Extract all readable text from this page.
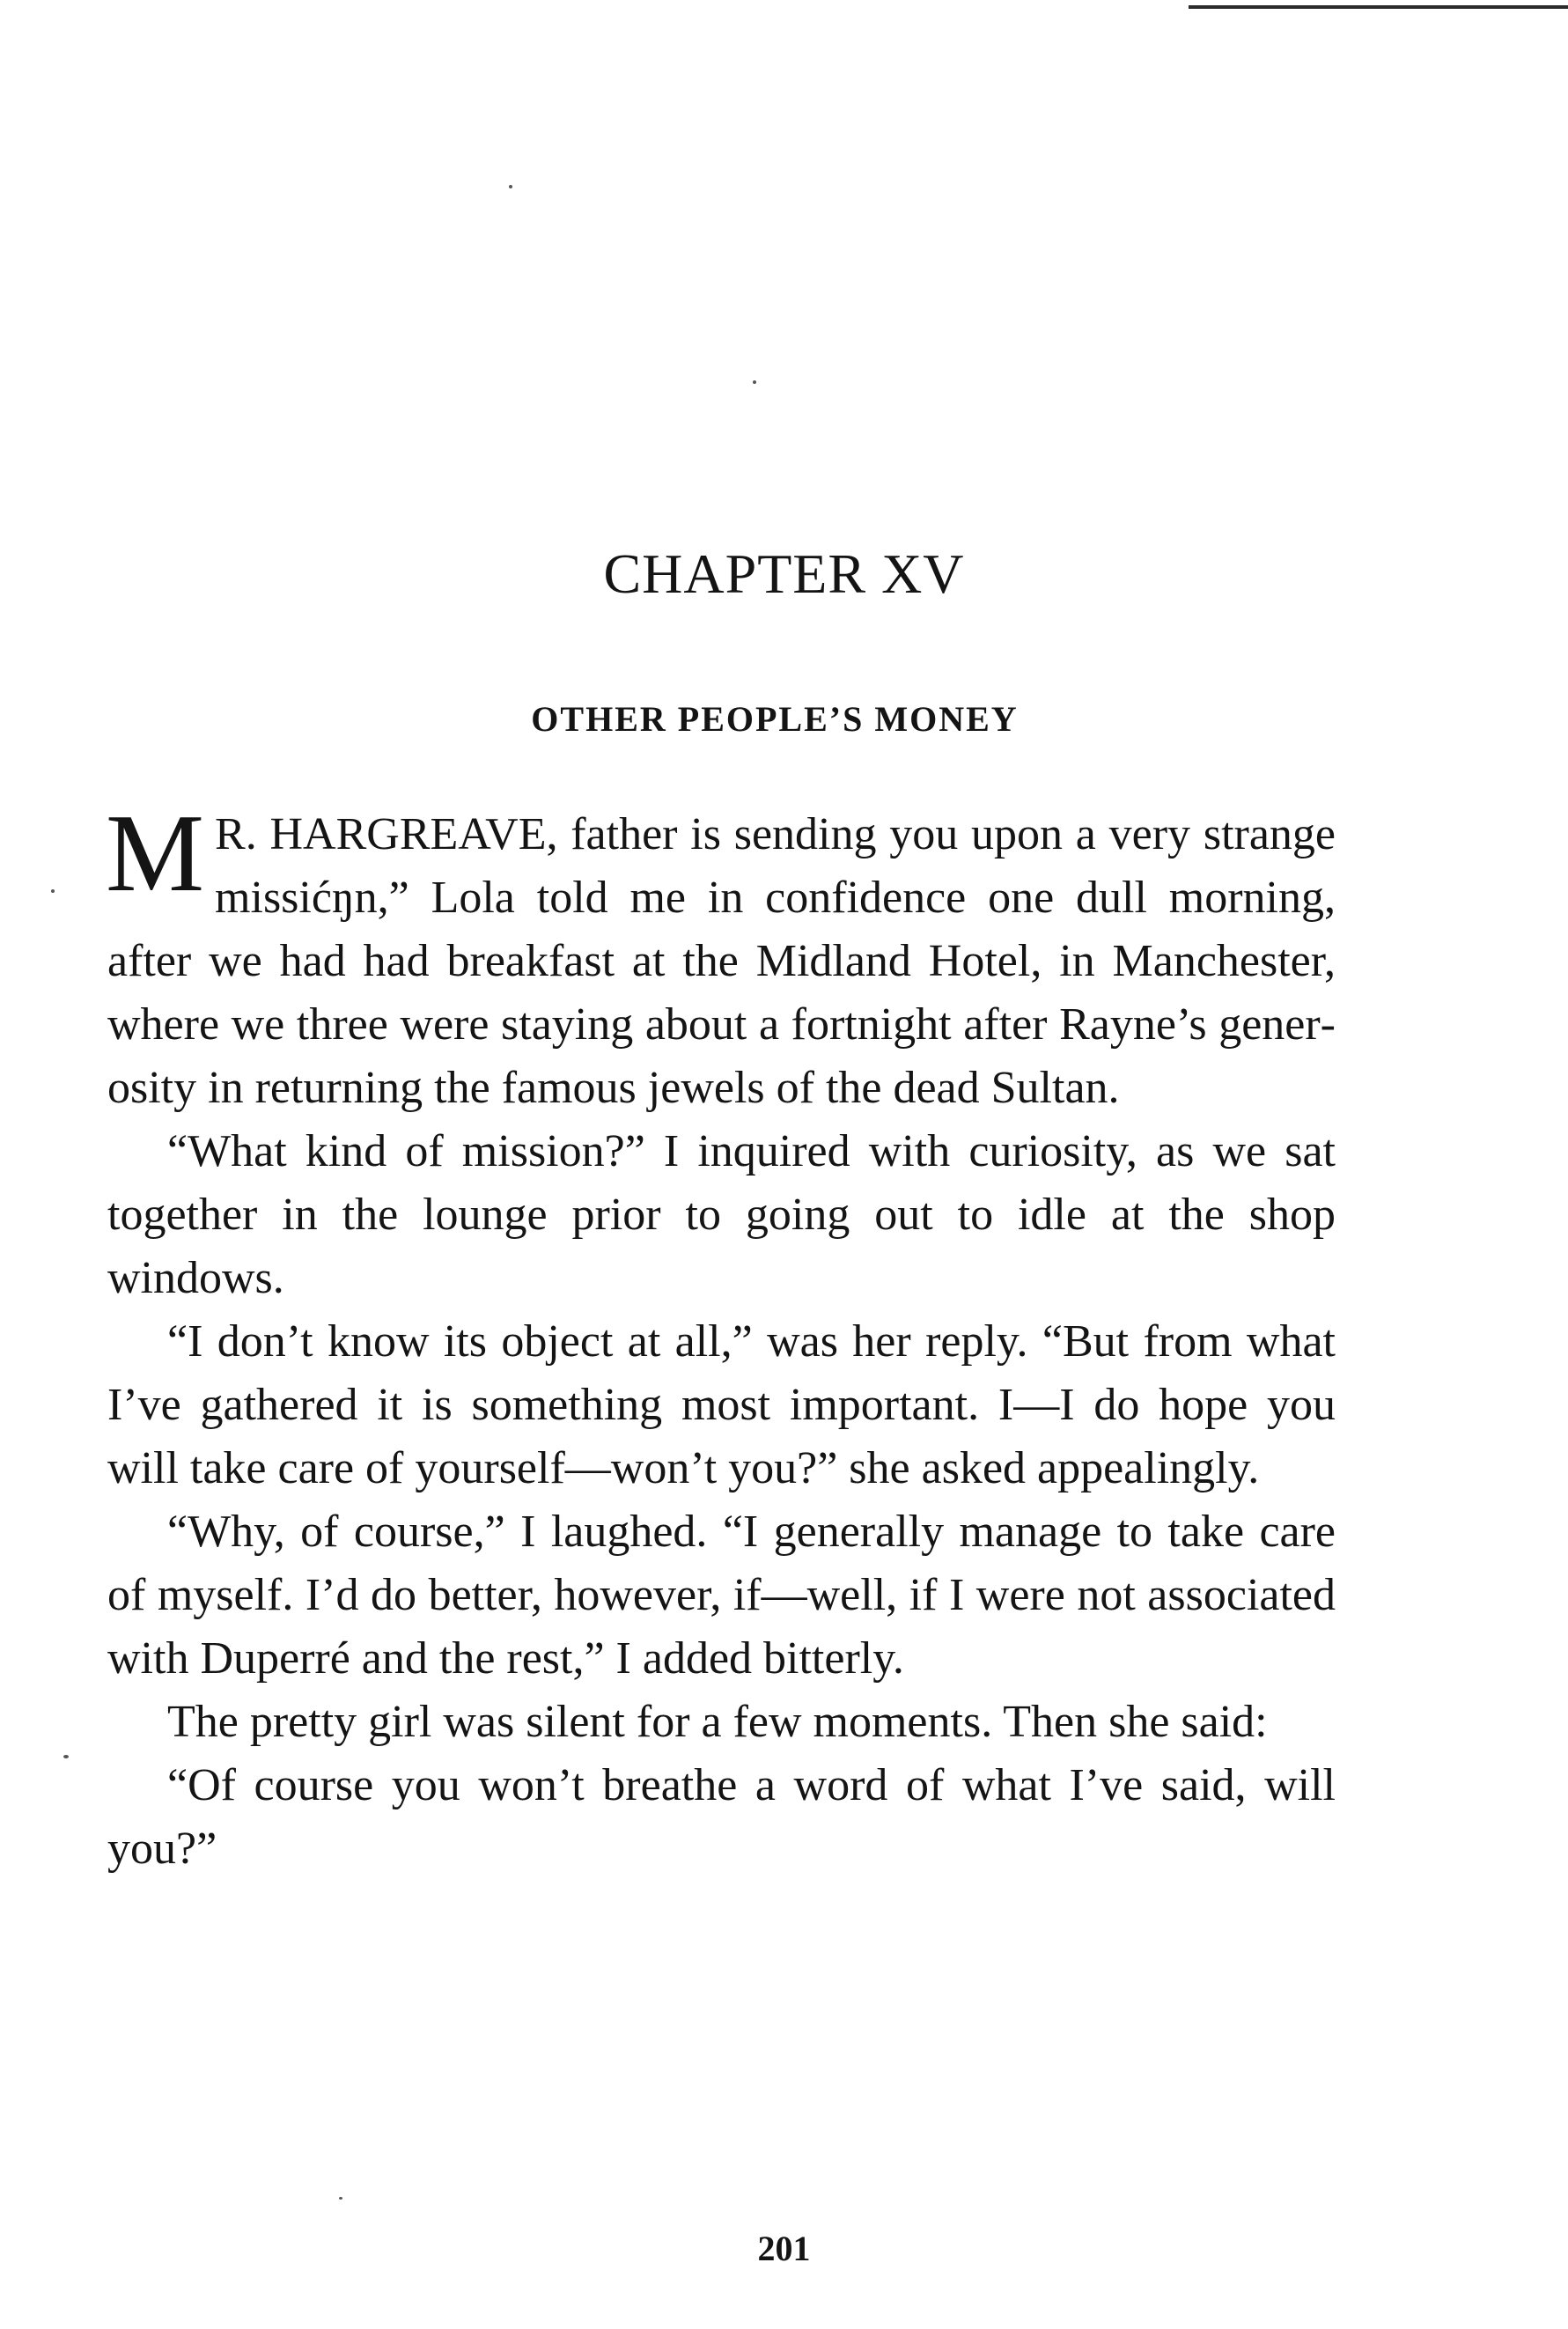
CHAPTER XV
OTHER PEOPLE’S MONEY

M R. HARGREAVE, father is sending you upon a very strange missićŋn,” Lola told me in confidence one dull morning, after we had had breakfast at the Midland Hotel, in Manchester, where we three were staying about a fortnight after Rayne’s generosity in returning the famous jewels of the dead Sultan.

“What kind of mission?” I inquired with curiosity, as we sat together in the lounge prior to going out to idle at the shop windows.

“I don’t know its object at all,” was her reply. “But from what I’ve gathered it is something most important. I—I do hope you will take care of yourself—won’t you?” she asked appealingly.

“Why, of course,” I laughed. “I generally manage to take care of myself. I’d do better, however, if—well, if I were not associated with Duperré and the rest,” I added bitterly.

The pretty girl was silent for a few moments. Then she said:

“Of course you won’t breathe a word of what I’ve said, will you?”

201
